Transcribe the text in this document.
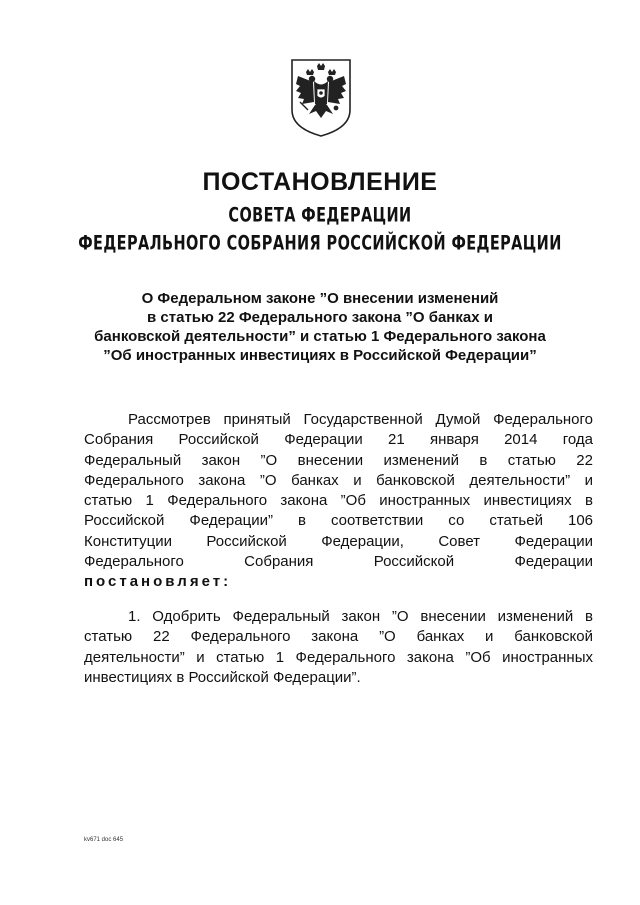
ПОСТАНОВЛЕНИЕ
СОВЕТА ФЕДЕРАЦИИ
ФЕДЕРАЛЬНОГО СОБРАНИЯ РОССИЙСКОЙ ФЕДЕРАЦИИ
О Федеральном законе ”О внесении изменений
в статью 22 Федерального закона ”О банках и
банковской деятельности” и статью 1 Федерального закона
”Об иностранных инвестициях в Российской Федерации”
Рассмотрев принятый Государственной Думой Федерального
Собрания Российской Федерации 21 января 2014 года
Федеральный закон ”О внесении изменений в статью 22
Федерального закона ”О банках и банковской деятельности” и
статью 1 Федерального закона ”Об иностранных инвестициях в
Российской Федерации” в соответствии со статьей 106
Конституции Российской Федерации, Совет Федерации
Федерального Собрания Российской Федерации
постановляет:
1. Одобрить Федеральный закон ”О внесении изменений в
статью 22 Федерального закона ”О банках и банковской
деятельности” и статью 1 Федерального закона ”Об иностранных
инвестициях в Российской Федерации”.
kv671 doc 645
